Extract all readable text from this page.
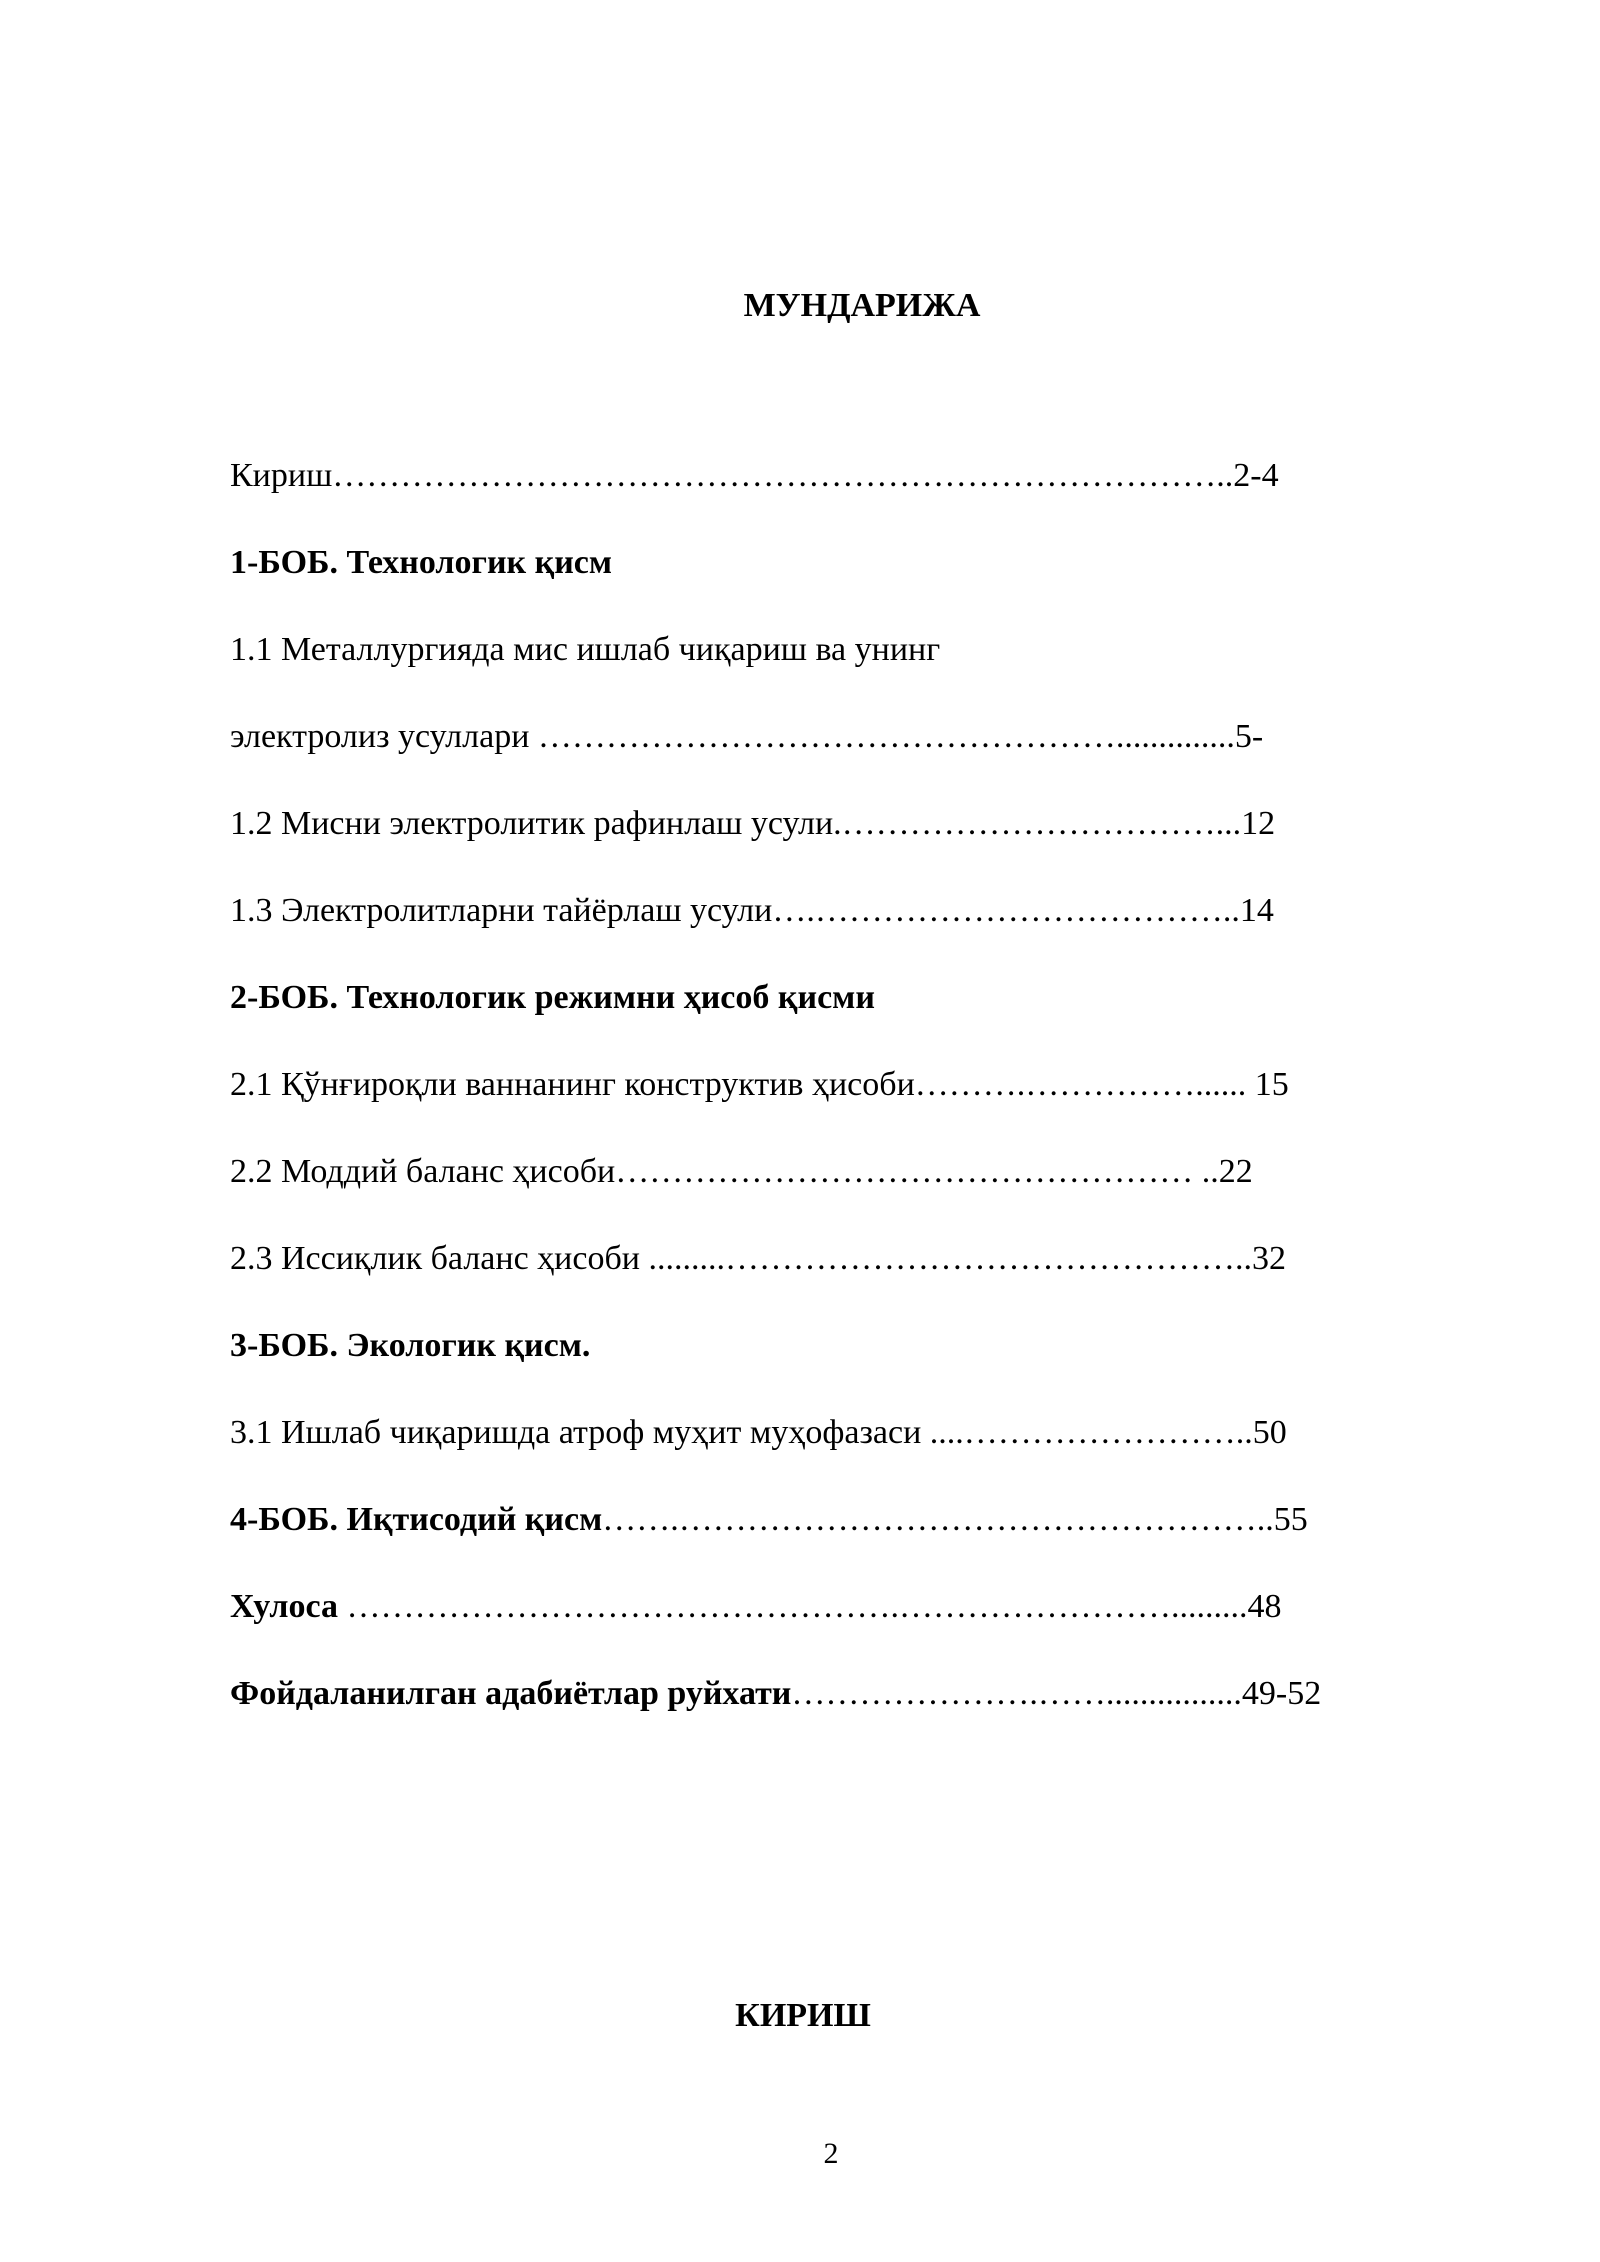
МУНДАРИЖА
Кириш……………………………………………………………………..2-4
1-БОБ. Технологик қисм
1.1 Металлургияда мис ишлаб чиқариш ва унинг
электролиз усуллари ……………………………………………..............5-
1.2 Мисни электролитик рафинлаш усули.……………………………...12
1.3 Электролитларни тайёрлаш усули….………………………………..14
2-БОБ. Технологик режимни ҳисоб қисми
2.1 Қўнғироқли ваннанинг конструктив ҳисоби……….……………...... 15
2.2 Моддий баланс ҳисоби…………………………………………… ..22
2.3 Иссиқлик баланс ҳисоби .........………………………………………..32
3-БОБ. Экологик қисм.
3.1 Ишлаб чиқаришда атроф муҳит муҳофазаси ....……………………..50
4-БОБ. Иқтисодий қисм…….……………………………………………..55
Хулоса ………………………………………….…………………….........48
Фойдаланилган адабиётлар руйхати………………….……................49-52
КИРИШ
2
